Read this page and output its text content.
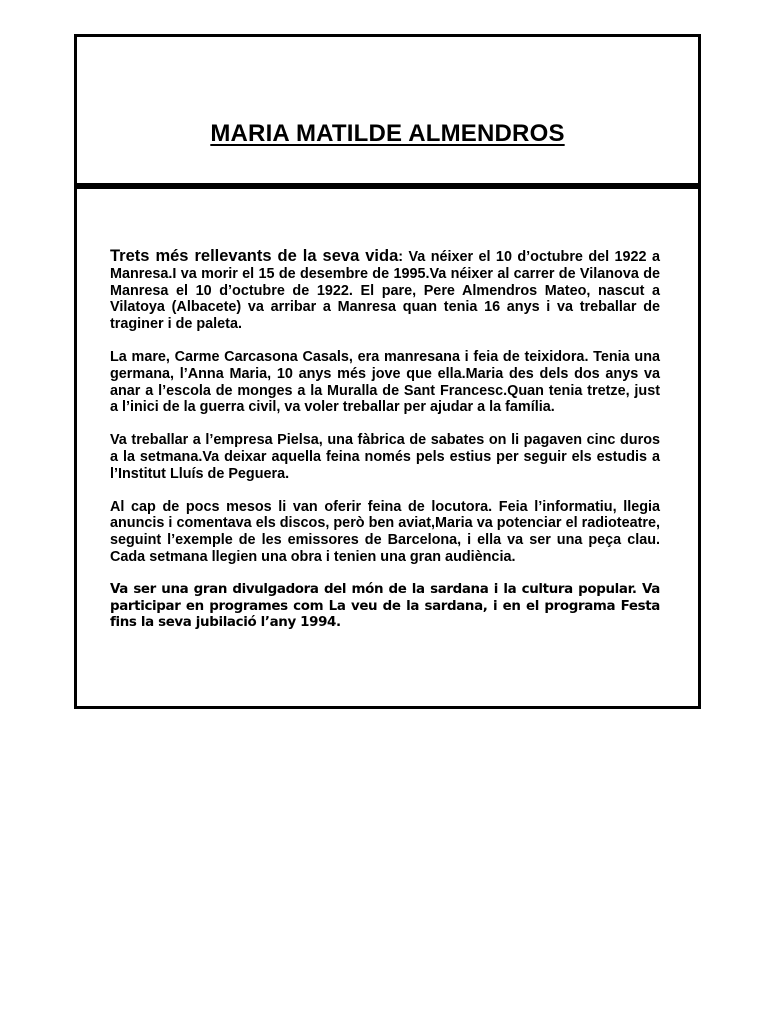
MARIA MATILDE ALMENDROS

Trets més rellevants de la seva vida: Va néixer el 10 d’octubre del 1922 a Manresa.I va morir el 15 de desembre de 1995.Va néixer al carrer de Vilanova de Manresa el 10 d’octubre de 1922. El pare, Pere Almendros Mateo, nascut a Vilatoya (Albacete) va arribar a Manresa quan tenia 16 anys i va treballar de traginer i de paleta.

La mare, Carme Carcasona Casals, era manresana i feia de teixidora. Tenia una germana, l’Anna Maria, 10 anys més jove que ella.Maria des dels dos anys va anar a l’escola de monges a la Muralla de Sant Francesc.Quan tenia tretze, just a l’inici de la guerra civil, va voler treballar per ajudar a la família.

Va treballar a l’empresa Pielsa, una fàbrica de sabates on li pagaven cinc duros a la setmana.Va deixar aquella feina només pels estius per seguir els estudis a l’Institut Lluís de Peguera.

Al cap de pocs mesos li van oferir feina de locutora. Feia l’informatiu, llegia anuncis i comentava els discos, però ben aviat,Maria va potenciar el radioteatre, seguint l’exemple de les emissores de Barcelona, i ella va ser una peça clau. Cada setmana llegien una obra i tenien una gran audiència.

Va ser una gran divulgadora del món de la sardana i la cultura popular. Va participar en programes com La veu de la sardana, i en el programa Festa fins la seva jubilació l’any 1994.
